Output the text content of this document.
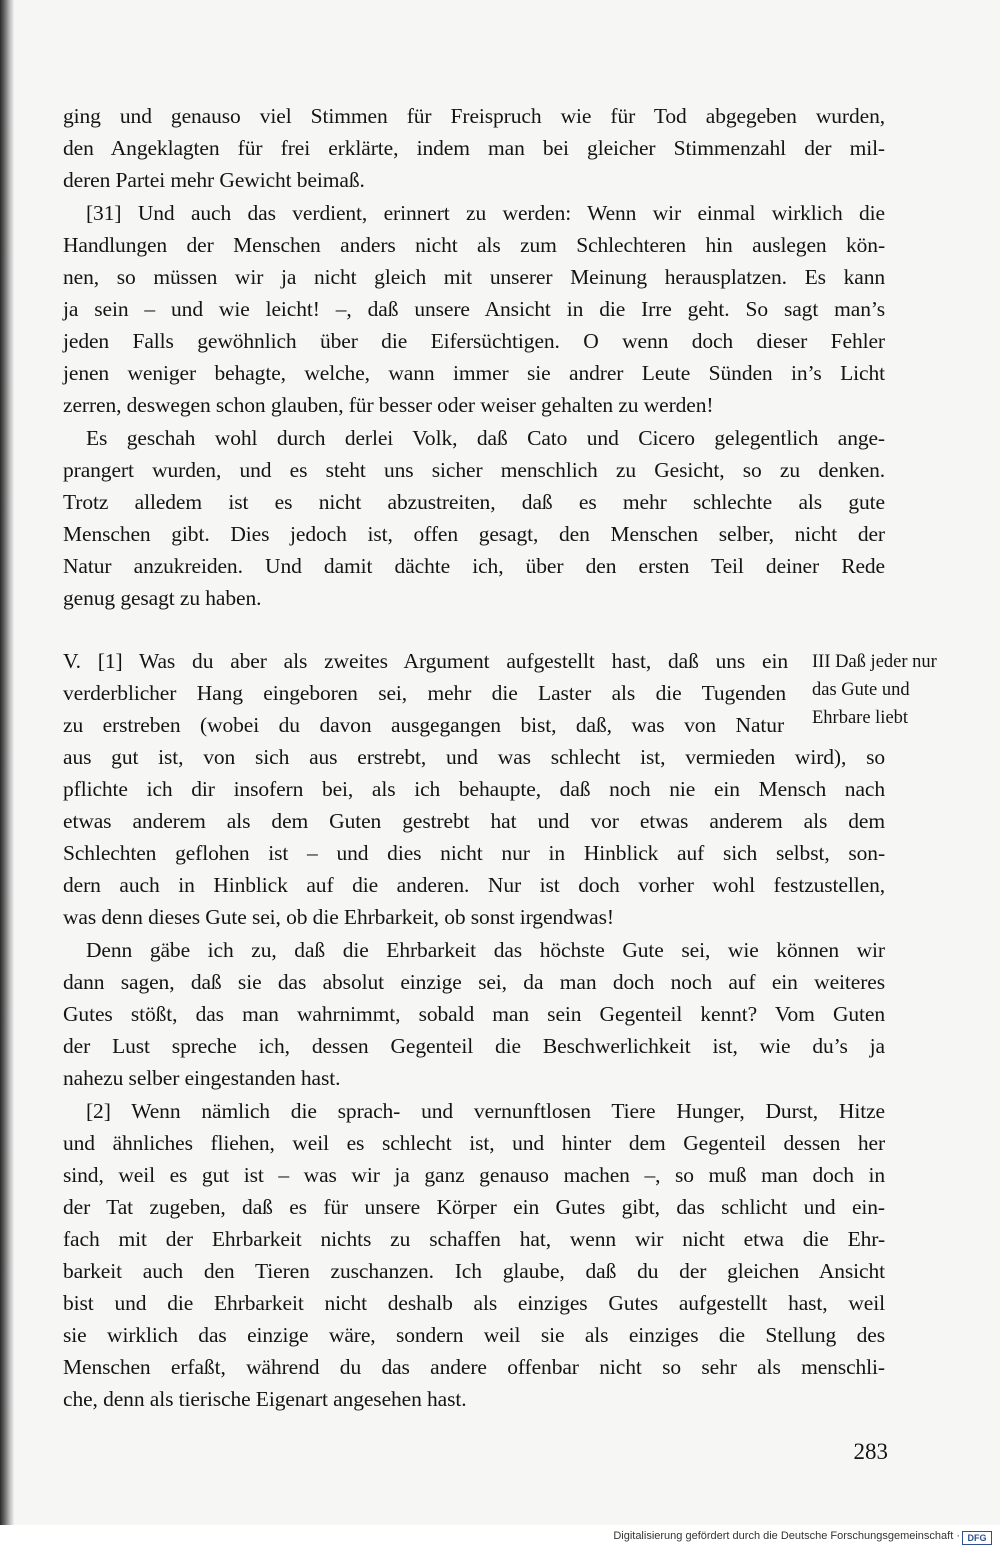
ging und genauso viel Stimmen für Freispruch wie für Tod abgegeben wurden,
den Angeklagten für frei erklärte, indem man bei gleicher Stimmenzahl der mil-
deren Partei mehr Gewicht beimaß.
[31] Und auch das verdient, erinnert zu werden: Wenn wir einmal wirklich die
Handlungen der Menschen anders nicht als zum Schlechteren hin auslegen kön-
nen, so müssen wir ja nicht gleich mit unserer Meinung herausplatzen. Es kann
ja sein – und wie leicht! –, daß unsere Ansicht in die Irre geht. So sagt man’s
jeden Falls gewöhnlich über die Eifersüchtigen. O wenn doch dieser Fehler
jenen weniger behagte, welche, wann immer sie andrer Leute Sünden in’s Licht
zerren, deswegen schon glauben, für besser oder weiser gehalten zu werden!
Es geschah wohl durch derlei Volk, daß Cato und Cicero gelegentlich ange-
prangert wurden, und es steht uns sicher menschlich zu Gesicht, so zu denken.
Trotz alledem ist es nicht abzustreiten, daß es mehr schlechte als gute
Menschen gibt. Dies jedoch ist, offen gesagt, den Menschen selber, nicht der
Natur anzukreiden. Und damit dächte ich, über den ersten Teil deiner Rede
genug gesagt zu haben.
V. [1] Was du aber als zweites Argument aufgestellt hast, daß uns ein
verderblicher Hang eingeboren sei, mehr die Laster als die Tugenden
zu erstreben (wobei du davon ausgegangen bist, daß, was von Natur
aus gut ist, von sich aus erstrebt, und was schlecht ist, vermieden wird), so
pflichte ich dir insofern bei, als ich behaupte, daß noch nie ein Mensch nach
etwas anderem als dem Guten gestrebt hat und vor etwas anderem als dem
Schlechten geflohen ist – und dies nicht nur in Hinblick auf sich selbst, son-
dern auch in Hinblick auf die anderen. Nur ist doch vorher wohl festzustellen,
was denn dieses Gute sei, ob die Ehrbarkeit, ob sonst irgendwas!
Denn gäbe ich zu, daß die Ehrbarkeit das höchste Gute sei, wie können wir
dann sagen, daß sie das absolut einzige sei, da man doch noch auf ein weiteres
Gutes stößt, das man wahrnimmt, sobald man sein Gegenteil kennt? Vom Guten
der Lust spreche ich, dessen Gegenteil die Beschwerlichkeit ist, wie du’s ja
nahezu selber eingestanden hast.
[2] Wenn nämlich die sprach- und vernunftlosen Tiere Hunger, Durst, Hitze
und ähnliches fliehen, weil es schlecht ist, und hinter dem Gegenteil dessen her
sind, weil es gut ist – was wir ja ganz genauso machen –, so muß man doch in
der Tat zugeben, daß es für unsere Körper ein Gutes gibt, das schlicht und ein-
fach mit der Ehrbarkeit nichts zu schaffen hat, wenn wir nicht etwa die Ehr-
barkeit auch den Tieren zuschanzen. Ich glaube, daß du der gleichen Ansicht
bist und die Ehrbarkeit nicht deshalb als einziges Gutes aufgestellt hast, weil
sie wirklich das einzige wäre, sondern weil sie als einziges die Stellung des
Menschen erfaßt, während du das andere offenbar nicht so sehr als menschli-
che, denn als tierische Eigenart angesehen hast.
III Daß jeder nur
das Gute und
Ehrbare liebt
283
Digitalisierung gefördert durch die Deutsche Forschungsgemeinschaft · DFG
